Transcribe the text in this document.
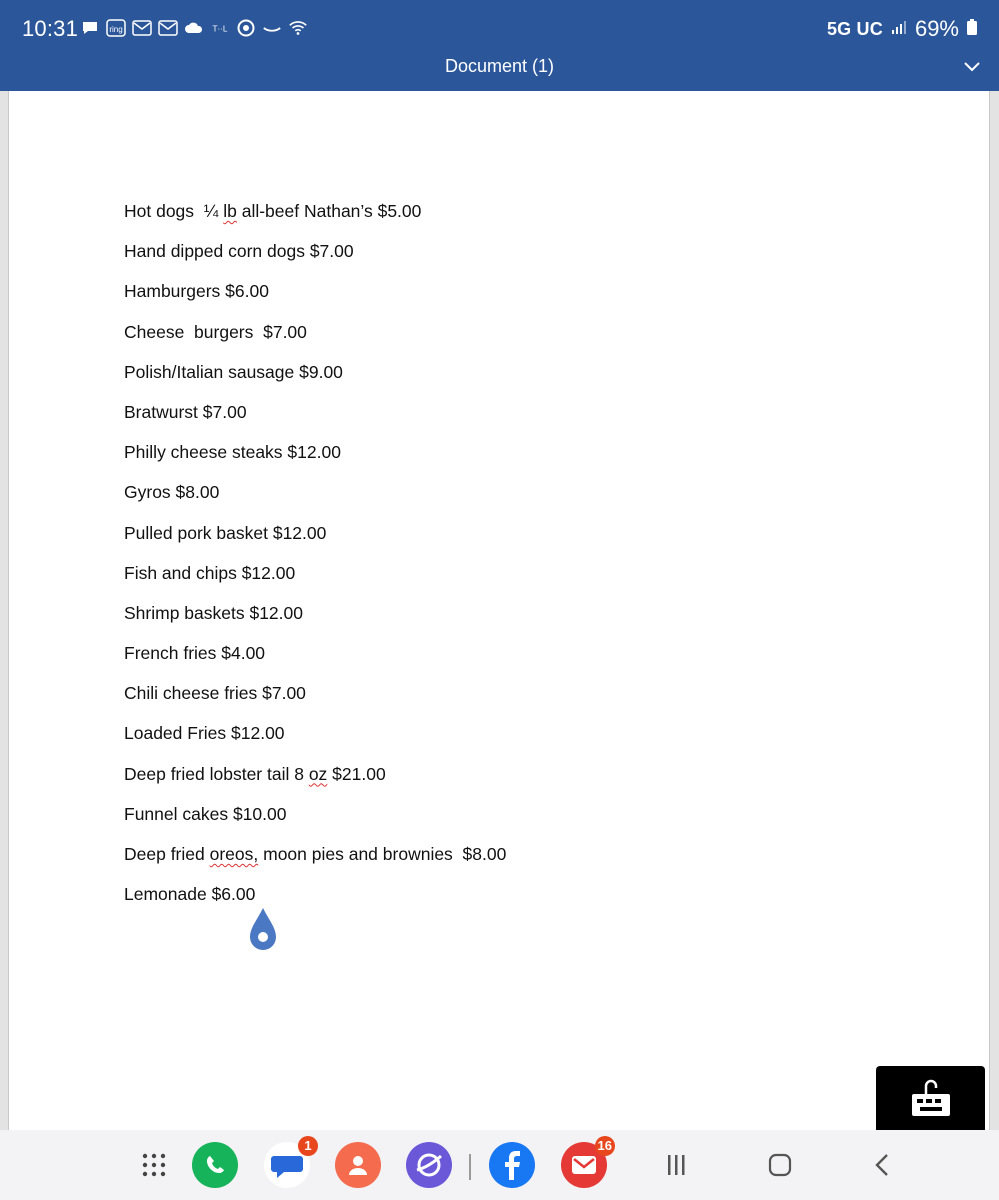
10:31	ring	T··L	5G UC 69%
Document (1)
Hot dogs  ¼ lb all-beef Nathan’s $5.00
Hand dipped corn dogs $7.00
Hamburgers $6.00
Cheese  burgers  $7.00
Polish/Italian sausage $9.00
Bratwurst $7.00
Philly cheese steaks $12.00
Gyros $8.00
Pulled pork basket $12.00
Fish and chips $12.00
Shrimp baskets $12.00
French fries $4.00
Chili cheese fries $7.00
Loaded Fries $12.00
Deep fried lobster tail 8 oz $21.00
Funnel cakes $10.00
Deep fried oreos, moon pies and brownies  $8.00
Lemonade $6.00
1	16
